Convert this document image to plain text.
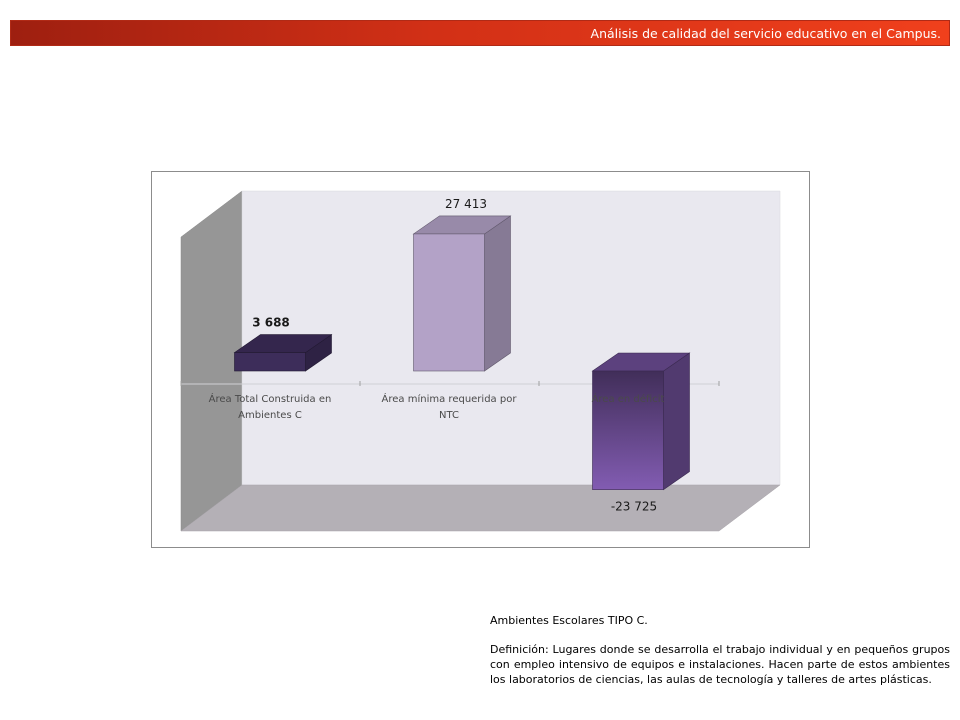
Análisis de calidad del servicio educativo en el Campus.
3 688
27 413
-23 725
Área Total Construida en
Ambientes C
Área mínima requerida por
NTC
Área en déficit

Ambientes Escolares TIPO C.

Definición: Lugares donde se desarrolla el trabajo individual y en pequeños grupos con empleo intensivo de equipos e instalaciones. Hacen parte de estos ambientes los laboratorios de ciencias, las aulas de tecnología y talleres de artes plásticas.
